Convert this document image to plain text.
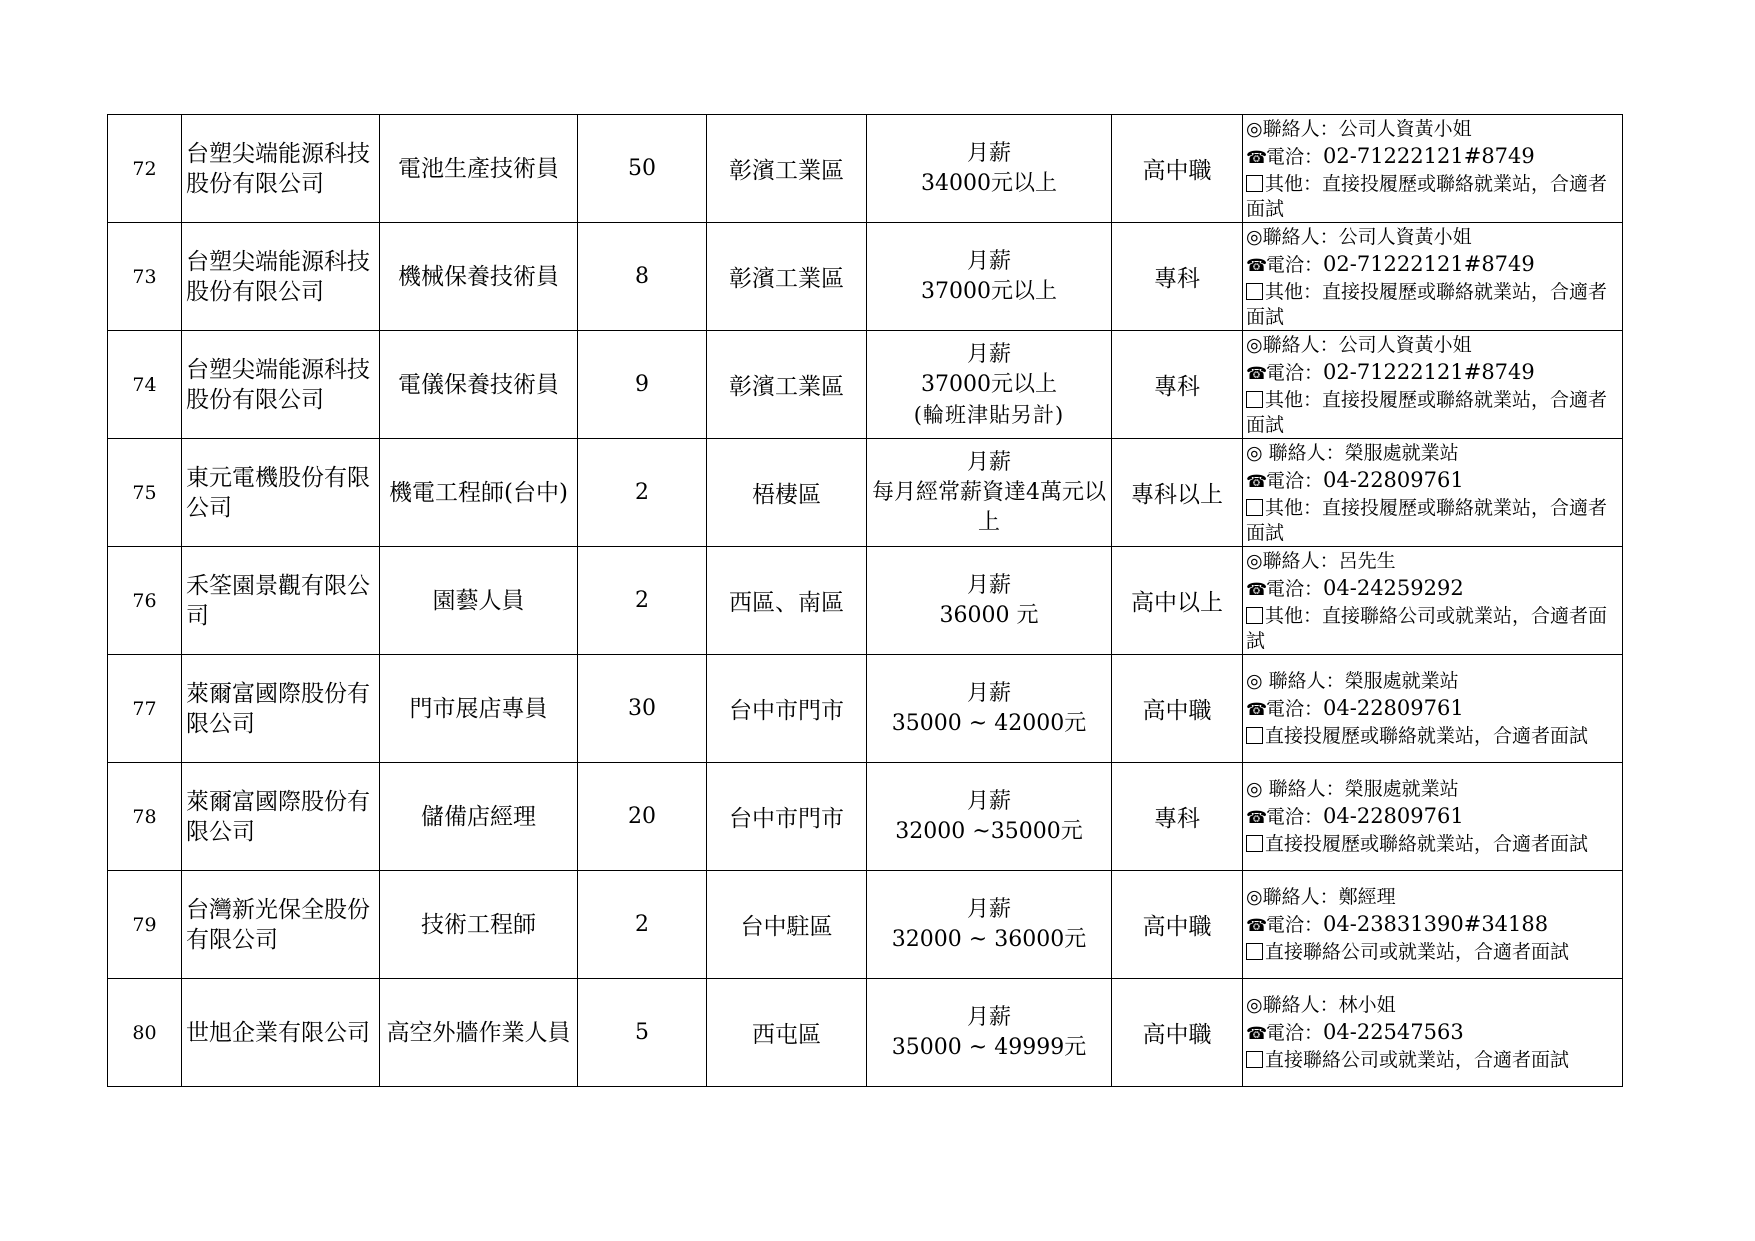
72	台塑尖端能源科技股份有限公司	電池生產技術員	50	彰濱工業區	月薪
34000元以上	高中職	◎聯絡人：公司人資黃小姐
☎電洽：02-71222121#8749
其他：直接投履歷或聯絡就業站，合適者面試

73	台塑尖端能源科技股份有限公司	機械保養技術員	8	彰濱工業區	月薪
37000元以上	專科	◎聯絡人：公司人資黃小姐
☎電洽：02-71222121#8749
其他：直接投履歷或聯絡就業站，合適者面試

74	台塑尖端能源科技股份有限公司	電儀保養技術員	9	彰濱工業區	月薪
37000元以上
(輪班津貼另計)	專科	◎聯絡人：公司人資黃小姐
☎電洽：02-71222121#8749
其他：直接投履歷或聯絡就業站，合適者面試

75	東元電機股份有限公司	機電工程師(台中)	2	梧棲區	月薪
每月經常薪資達4萬元以上	專科以上	◎ 聯絡人：榮服處就業站
☎電洽：04-22809761
其他：直接投履歷或聯絡就業站，合適者面試

76	禾筌園景觀有限公司	園藝人員	2	西區、南區	月薪
36000 元	高中以上	◎聯絡人：呂先生
☎電洽：04-24259292
其他：直接聯絡公司或就業站，合適者面試

77	萊爾富國際股份有限公司	門市展店專員	30	台中市門市	月薪
35000 ~ 42000元	高中職	◎ 聯絡人：榮服處就業站
☎電洽：04-22809761
直接投履歷或聯絡就業站，合適者面試

78	萊爾富國際股份有限公司	儲備店經理	20	台中市門市	月薪
32000 ~35000元	專科	◎ 聯絡人：榮服處就業站
☎電洽：04-22809761
直接投履歷或聯絡就業站，合適者面試

79	台灣新光保全股份有限公司	技術工程師	2	台中駐區	月薪
32000 ~ 36000元	高中職	◎聯絡人：鄭經理
☎電洽：04-23831390#34188
直接聯絡公司或就業站，合適者面試

80	世旭企業有限公司	高空外牆作業人員	5	西屯區	月薪
35000 ~ 49999元	高中職	◎聯絡人：林小姐
☎電洽：04-22547563
直接聯絡公司或就業站，合適者面試
